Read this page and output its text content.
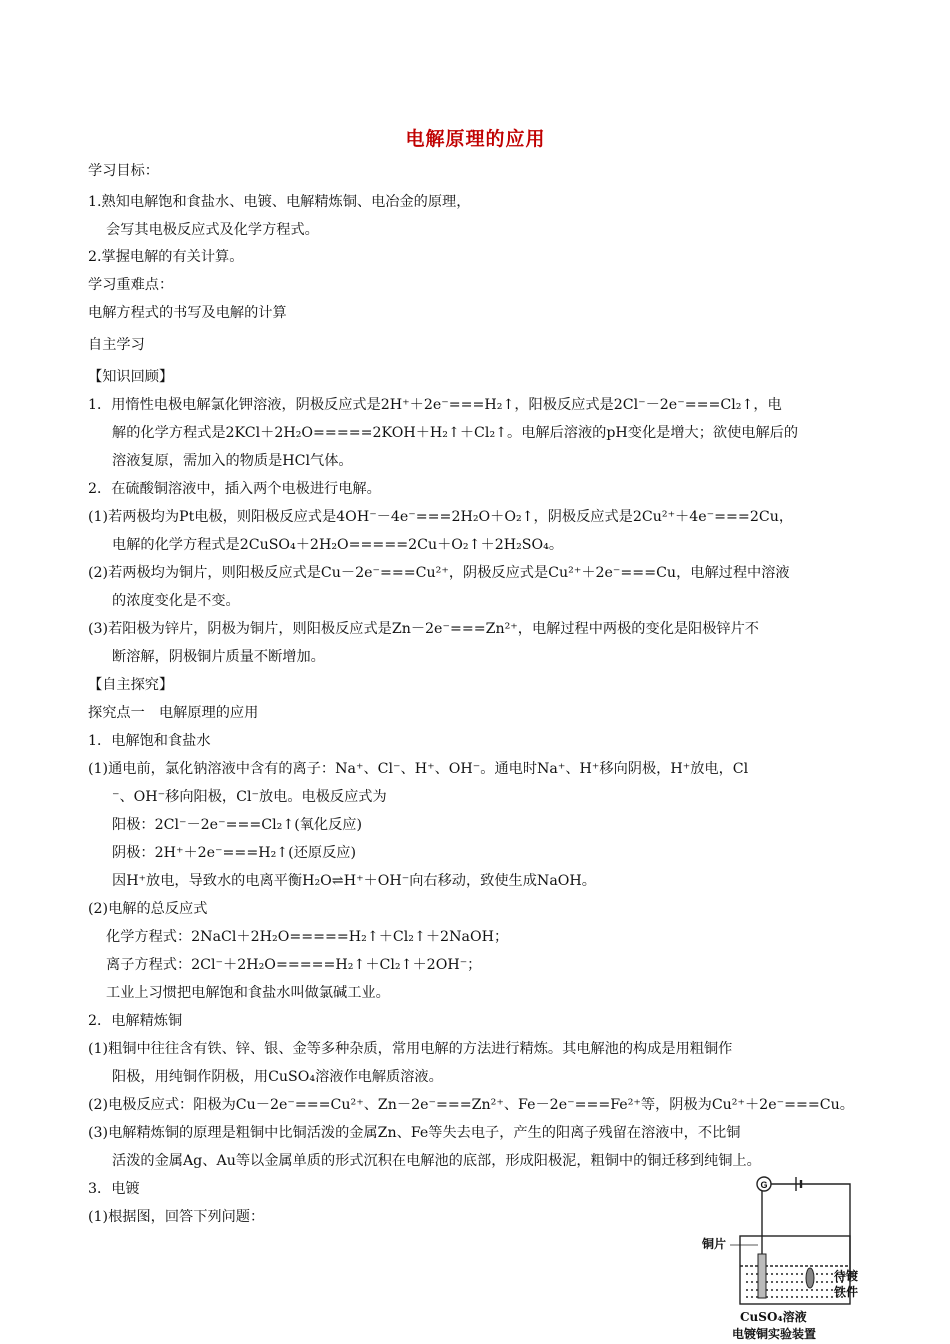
电解原理的应用
学习目标：
1.熟知电解饱和食盐水、电镀、电解精炼铜、电冶金的原理，
会写其电极反应式及化学方程式。
2.掌握电解的有关计算。
学习重难点：
电解方程式的书写及电解的计算
自主学习
【知识回顾】
1．用惰性电极电解氯化钾溶液，阴极反应式是2H⁺＋2e⁻===H₂↑，阳极反应式是2Cl⁻－2e⁻===Cl₂↑，电
解的化学方程式是2KCl＋2H₂O=====2KOH＋H₂↑＋Cl₂↑。电解后溶液的pH变化是增大；欲使电解后的
溶液复原，需加入的物质是HCl气体。
2．在硫酸铜溶液中，插入两个电极进行电解。
(1)若两极均为Pt电极，则阳极反应式是4OH⁻－4e⁻===2H₂O＋O₂↑，阴极反应式是2Cu²⁺＋4e⁻===2Cu，
电解的化学方程式是2CuSO₄＋2H₂O=====2Cu＋O₂↑＋2H₂SO₄。
(2)若两极均为铜片，则阳极反应式是Cu－2e⁻===Cu²⁺，阴极反应式是Cu²⁺＋2e⁻===Cu，电解过程中溶液
的浓度变化是不变。
(3)若阳极为锌片，阴极为铜片，则阳极反应式是Zn－2e⁻===Zn²⁺，电解过程中两极的变化是阳极锌片不
断溶解，阴极铜片质量不断增加。
【自主探究】
探究点一　电解原理的应用
1．电解饱和食盐水
(1)通电前，氯化钠溶液中含有的离子：Na⁺、Cl⁻、H⁺、OH⁻。通电时Na⁺、H⁺移向阴极，H⁺放电，Cl
⁻、OH⁻移向阳极，Cl⁻放电。电极反应式为
阳极：2Cl⁻－2e⁻===Cl₂↑(氧化反应)
阴极：2H⁺＋2e⁻===H₂↑(还原反应)
因H⁺放电，导致水的电离平衡H₂O⇌H⁺＋OH⁻向右移动，致使生成NaOH。
(2)电解的总反应式
化学方程式：2NaCl＋2H₂O=====H₂↑＋Cl₂↑＋2NaOH；
离子方程式：2Cl⁻＋2H₂O=====H₂↑＋Cl₂↑＋2OH⁻；
工业上习惯把电解饱和食盐水叫做氯碱工业。
2．电解精炼铜
(1)粗铜中往往含有铁、锌、银、金等多种杂质，常用电解的方法进行精炼。其电解池的构成是用粗铜作
阳极，用纯铜作阴极，用CuSO₄溶液作电解质溶液。
(2)电极反应式：阳极为Cu－2e⁻===Cu²⁺、Zn－2e⁻===Zn²⁺、Fe－2e⁻===Fe²⁺等，阴极为Cu²⁺＋2e⁻===Cu。
(3)电解精炼铜的原理是粗铜中比铜活泼的金属Zn、Fe等失去电子，产生的阳离子残留在溶液中，不比铜
活泼的金属Ag、Au等以金属单质的形式沉积在电解池的底部，形成阳极泥，粗铜中的铜迁移到纯铜上。
3．电镀
(1)根据图，回答下列问题：
G
铜片
待镀
铁件
CuSO₄溶液
电镀铜实验装置
